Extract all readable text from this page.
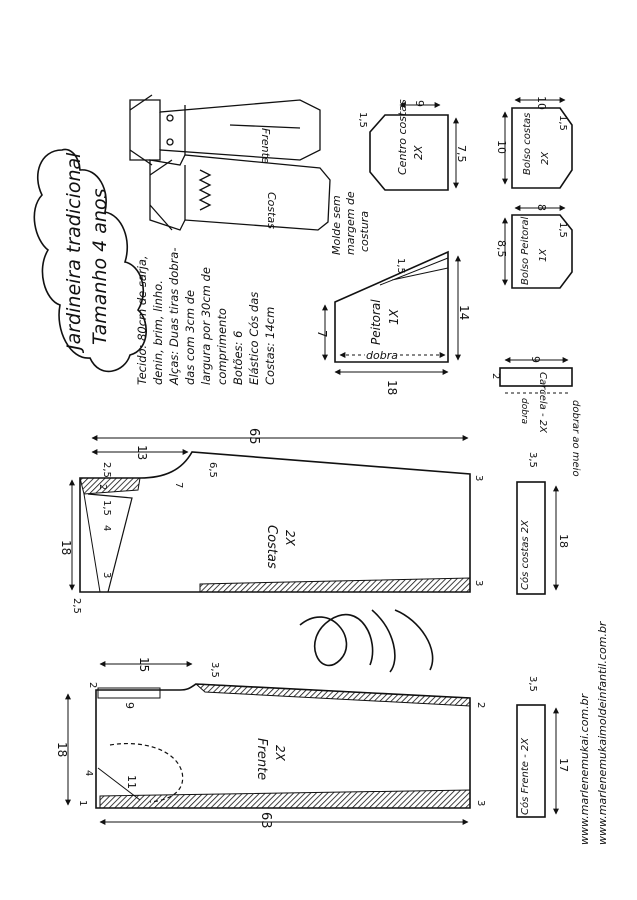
Jardineira tradicional Tamanho 4 anos Tecido: 80cm de sarja, denin, brim, linho. Alças: Duas tiras dobra- das com 3cm de largura por 30cm de comprimento Botões: 6 Elástico Cós das Costas: 14cm
Frente
Costas
Centro costas 2X
9
7,5
1,5	Bolso costas 2X
10
10
1,5
Bolso Peitoral 1X
8
8,5
1,5
Molde sem margem de costura
Peitoral 1X
dobra
18
14
7
1,5
Carcela - 2X
9
2
dobra	dobrar ao meio
Costas 2X
65
13
18
6,5
2,5
1,5
3
3
4
7
2,5
2
3	Cós costas 2X 18
3,5
Frente 2X
15
18
63
3,5
2
9
4
11
2
3
1	Cós Frente - 2X 17
3,5
www.marlenemukai.com.br www.marlenemukaimoldeinfantil.com.br
